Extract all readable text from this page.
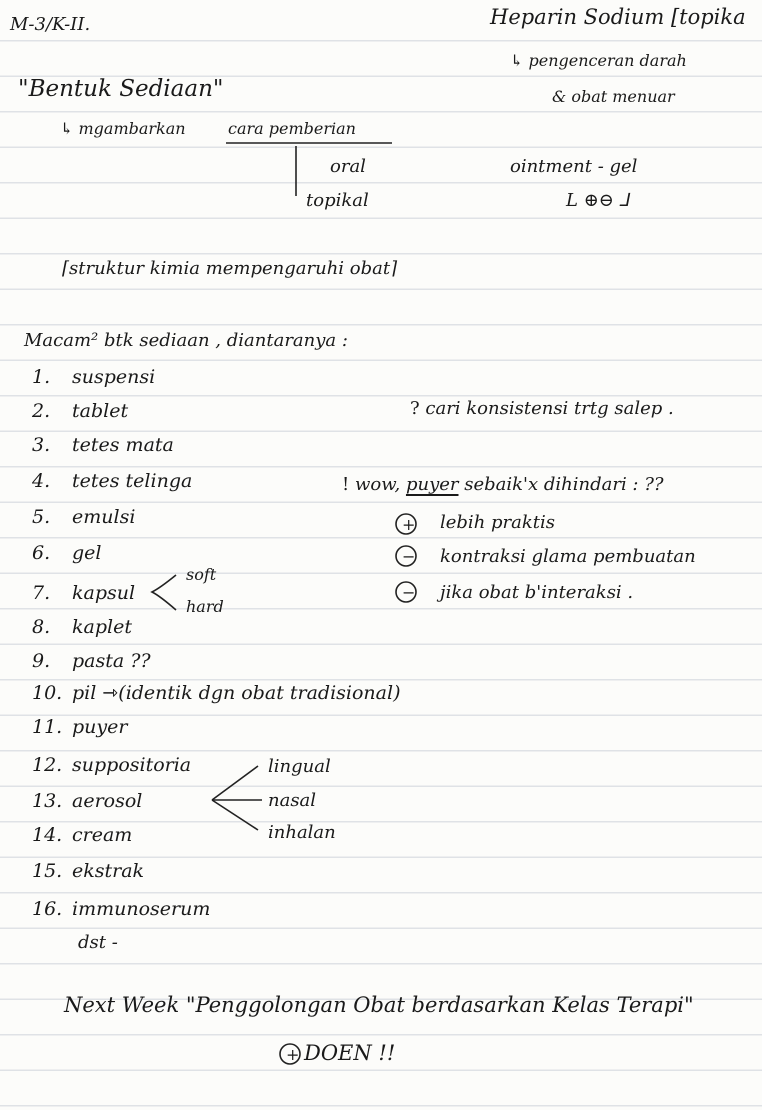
M-3/K-II.	Heparin Sodium [topika
↳ pengenceran darah
& obat menuar
"Bentuk Sediaan"
↳ mgambarkan	cara pemberian
oral
topikal
ointment - gel
L ⊕⊖ ⅃
⌈struktur kimia mempengaruhi obat⌉
Macam² btk sediaan , diantaranya :
1. suspensi
2. tablet
3. tetes mata
4. tetes telinga
5. emulsi
6. gel
7. kapsul
8. kaplet
9. pasta ??
10. pil ⇾(identik dgn obat tradisional)
11. puyer
12. suppositoria
13. aerosol
14. cream
15. ekstrak
16. immunoserum
dst -
soft
hard
lingual
nasal
inhalan
? cari konsistensi trtg salep .
! wow, puyer sebaik'x dihindari : ??
+ lebih praktis
− kontraksi glama pembuatan
− jika obat b'interaksi .
Next Week "Penggolongan Obat berdasarkan Kelas Terapi"
+ DOEN !!
